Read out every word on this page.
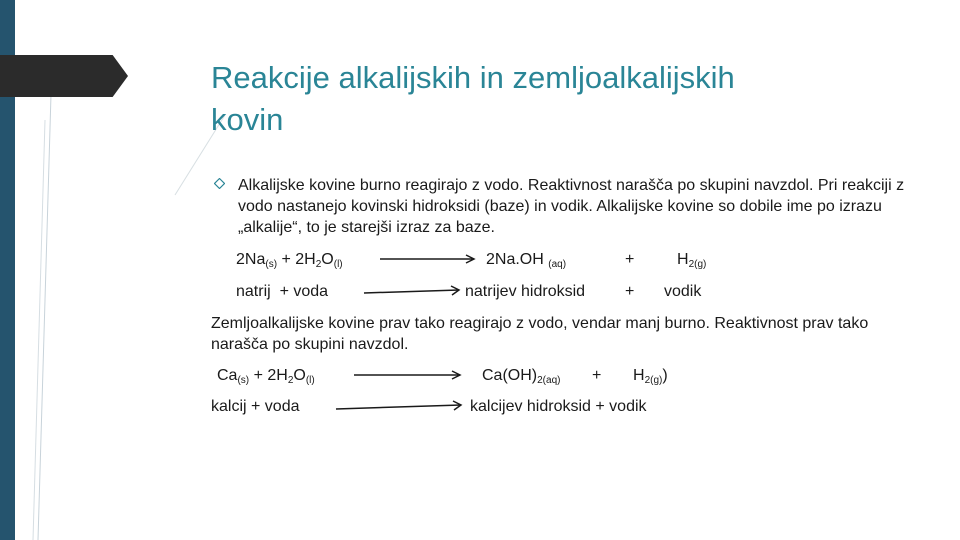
Reakcije alkalijskih in zemljoalkalijskih
kovin
Alkalijske kovine burno reagirajo z vodo. Reaktivnost narašča po skupini navzdol. Pri reakciji z vodo nastanejo kovinski hidroksidi (baze) in vodik. Alkalijske kovine so dobile ime po izrazu „alkalije“, to je starejši izraz za baze.
$2Na_{(s)} + 2H_2O_{(l)}$	2Na.OH $_{(aq)}$	+	$H_{2(g)}$
natrij  + voda	natrijev hidroksid + vodik
Zemljoalkalijske kovine prav tako reagirajo z vodo, vendar manj burno. Reaktivnost prav tako narašča po skupini navzdol.
$Ca_{(s)} + 2H_2O_{(l)}$	$Ca(OH)_{2(aq)} + H_{2(g)}$)
kalcij + voda	kalcijev hidroksid + vodik
